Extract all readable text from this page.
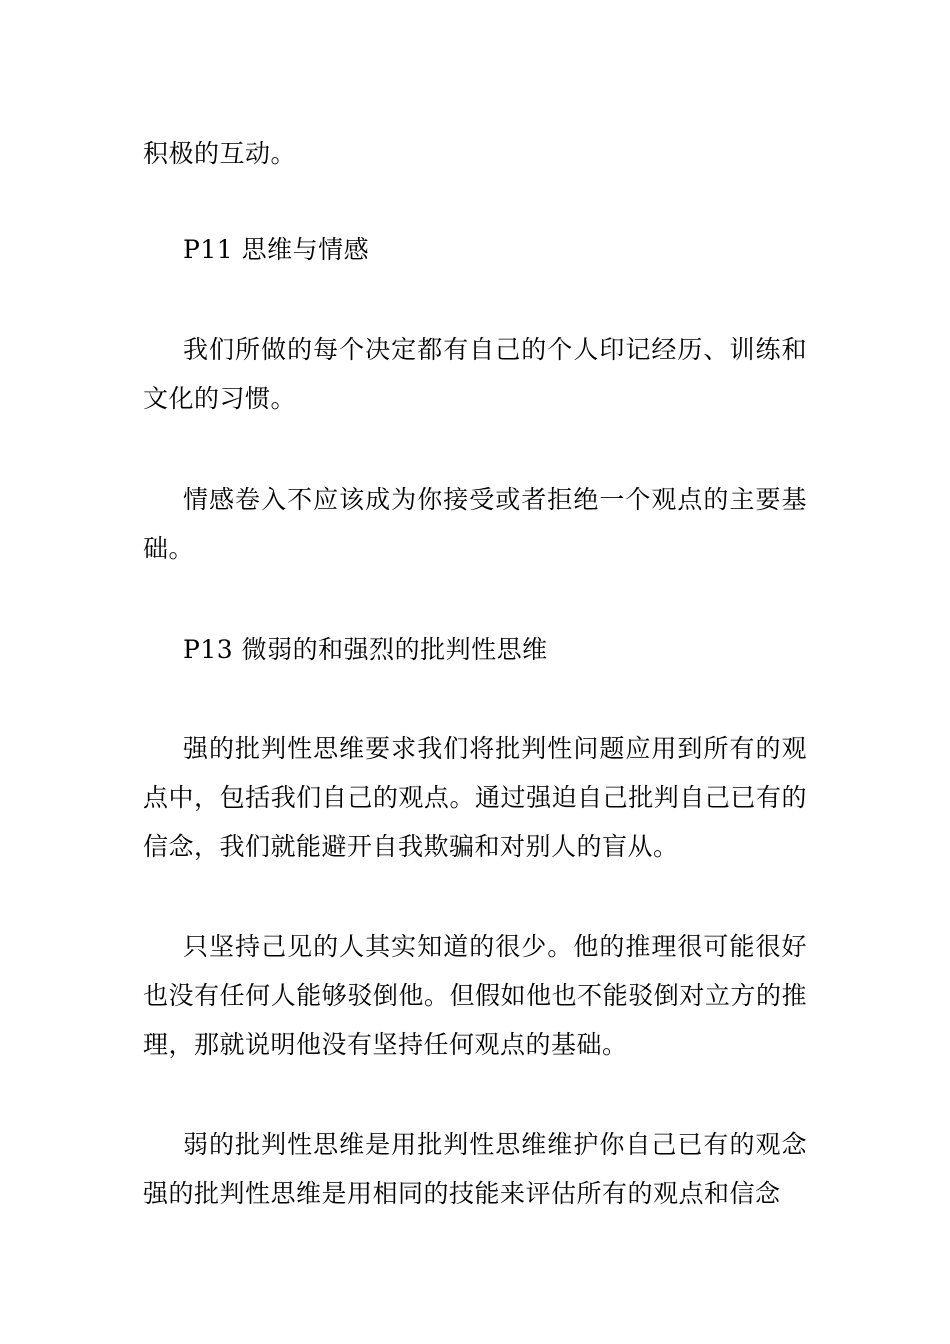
积极的互动。
P11 思维与情感
我们所做的每个决定都有自己的个人印记经历、训练和文化的习惯。
情感卷入不应该成为你接受或者拒绝一个观点的主要基础。
P13 微弱的和强烈的批判性思维
强的批判性思维要求我们将批判性问题应用到所有的观点中，包括我们自己的观点。通过强迫自己批判自己已有的信念，我们就能避开自我欺骗和对别人的盲从。
只坚持己见的人其实知道的很少。他的推理很可能很好也没有任何人能够驳倒他。但假如他也不能驳倒对立方的推理，那就说明他没有坚持任何观点的基础。
弱的批判性思维是用批判性思维维护你自己已有的观念强的批判性思维是用相同的技能来评估所有的观点和信念
